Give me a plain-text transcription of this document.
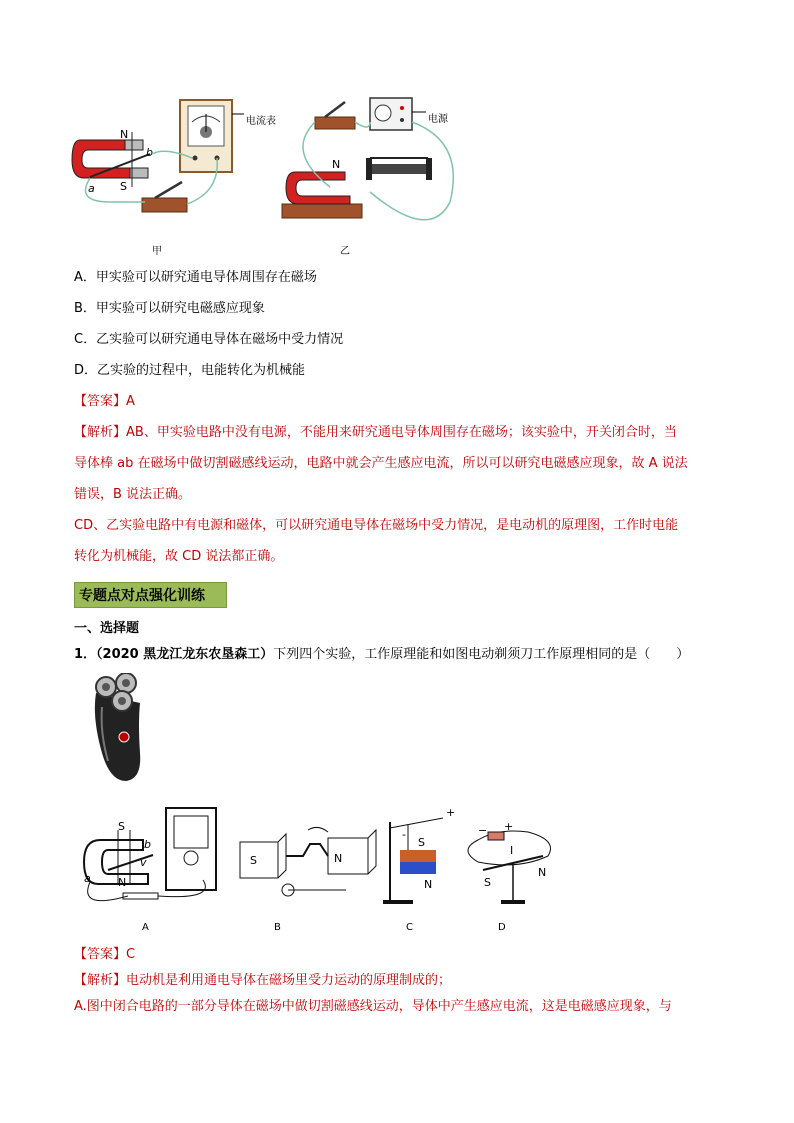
N
S
a
b
电流表	电源
N
甲	乙
A．甲实验可以研究通电导体周围存在磁场
B．甲实验可以研究电磁感应现象
C．乙实验可以研究通电导体在磁场中受力情况
D．乙实验的过程中，电能转化为机械能
【答案】A
【解析】AB、甲实验电路中没有电源，不能用来研究通电导体周围存在磁场；该实验中，开关闭合时，当
导体棒 ab 在磁场中做切割磁感线运动，电路中就会产生感应电流，所以可以研究电磁感应现象，故 A 说法
错误，B 说法正确。
CD、乙实验电路中有电源和磁体，可以研究通电导体在磁场中受力情况，是电动机的原理图，工作时电能
转化为机械能，故 CD 说法都正确。
专题点对点强化训练
一、选择题
1．（2020 黑龙江龙东农垦森工）下列四个实验，工作原理能和如图电动剃须刀工作原理相同的是（　　）
S
N
b
v
a
S	N
S
N
+
-	− +
I
S
N
A	B	C	D
【答案】C
【解析】电动机是利用通电导体在磁场里受力运动的原理制成的；
A.图中闭合电路的一部分导体在磁场中做切割磁感线运动，导体中产生感应电流，这是电磁感应现象，与
